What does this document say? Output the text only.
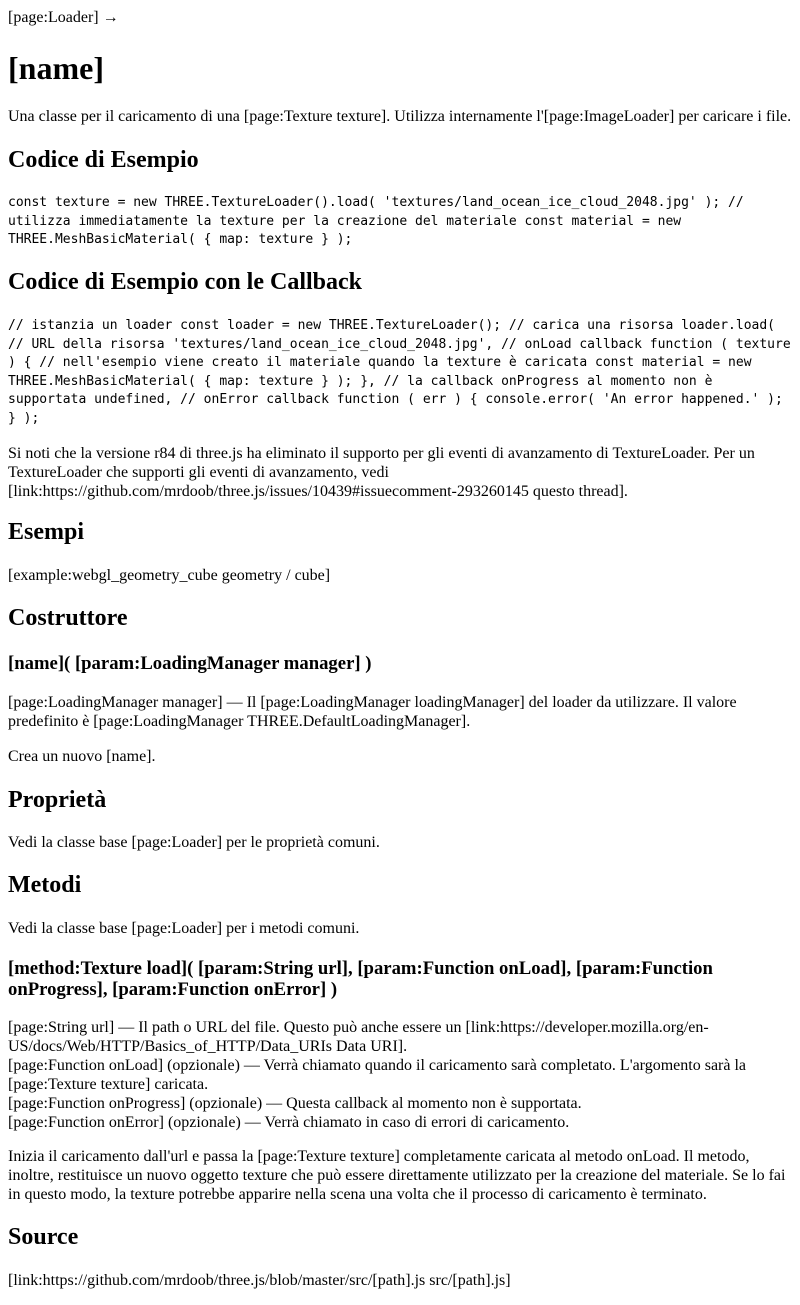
[page:Loader] →

[name]

Una classe per il caricamento di una [page:Texture texture]. Utilizza internamente l'[page:ImageLoader] per caricare i file.

Codice di Esempio

const texture = new THREE.TextureLoader().load( 'textures/land_ocean_ice_cloud_2048.jpg' ); // utilizza immediatamente la texture per la creazione del materiale const material = new THREE.MeshBasicMaterial( { map: texture } );

Codice di Esempio con le Callback

// istanzia un loader const loader = new THREE.TextureLoader(); // carica una risorsa loader.load( // URL della risorsa 'textures/land_ocean_ice_cloud_2048.jpg', // onLoad callback function ( texture ) { // nell'esempio viene creato il materiale quando la texture è caricata const material = new THREE.MeshBasicMaterial( { map: texture } ); }, // la callback onProgress al momento non è supportata undefined, // onError callback function ( err ) { console.error( 'An error happened.' ); } );

Si noti che la versione r84 di three.js ha eliminato il supporto per gli eventi di avanzamento di TextureLoader. Per un TextureLoader che supporti gli eventi di avanzamento, vedi [link:https://github.com/mrdoob/three.js/issues/10439#issuecomment-293260145 questo thread].

Esempi

[example:webgl_geometry_cube geometry / cube]

Costruttore
[name]( [param:LoadingManager manager] )

[page:LoadingManager manager] — Il [page:LoadingManager loadingManager] del loader da utilizzare. Il valore predefinito è [page:LoadingManager THREE.DefaultLoadingManager].

Crea un nuovo [name].

Proprietà

Vedi la classe base [page:Loader] per le proprietà comuni.

Metodi

Vedi la classe base [page:Loader] per i metodi comuni.

[method:Texture load]( [param:String url], [param:Function onLoad], [param:Function onProgress], [param:Function onError] )
[page:String url] — Il path o URL del file. Questo può anche essere un [link:https://developer.mozilla.org/en-US/docs/Web/HTTP/Basics_of_HTTP/Data_URIs Data URI].
[page:Function onLoad] (opzionale) — Verrà chiamato quando il caricamento sarà completato. L'argomento sarà la [page:Texture texture] caricata.
[page:Function onProgress] (opzionale) — Questa callback al momento non è supportata.
[page:Function onError] (opzionale) — Verrà chiamato in caso di errori di caricamento.

Inizia il caricamento dall'url e passa la [page:Texture texture] completamente caricata al metodo onLoad. Il metodo, inoltre, restituisce un nuovo oggetto texture che può essere direttamente utilizzato per la creazione del materiale. Se lo fai in questo modo, la texture potrebbe apparire nella scena una volta che il processo di caricamento è terminato.

Source

[link:https://github.com/mrdoob/three.js/blob/master/src/[path].js src/[path].js]
